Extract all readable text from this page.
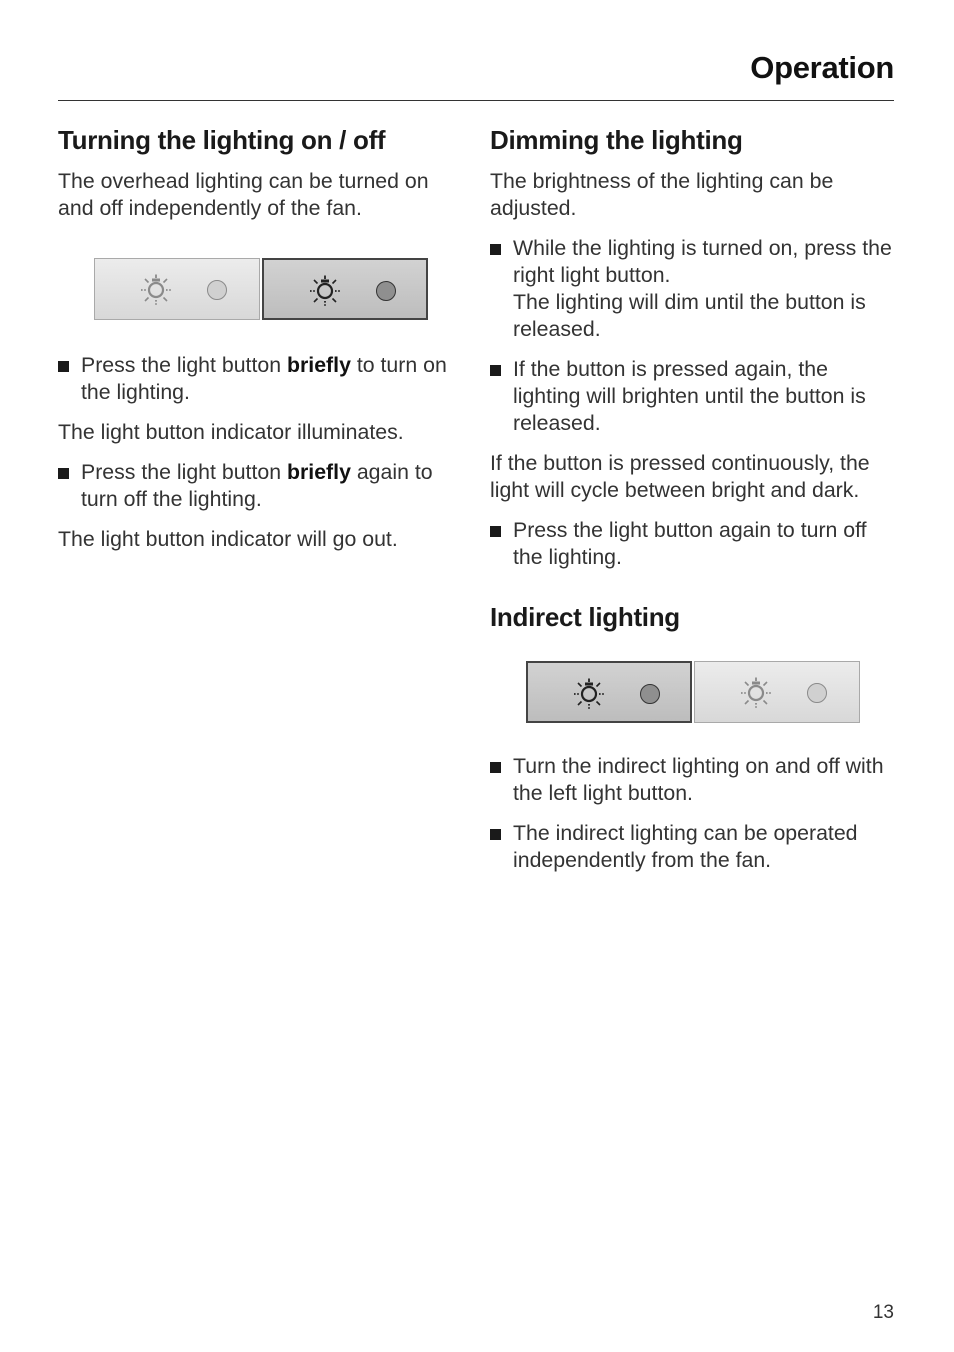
Operation
Turning the lighting on / off

The overhead lighting can be turned on and off independently of the fan.

Press the light button briefly to turn on the lighting.

The light button indicator illuminates.

Press the light button briefly again to turn off the lighting.

The light button indicator will go out.

Dimming the lighting

The brightness of the lighting can be adjusted.

While the lighting is turned on, press the right light button.
The lighting will dim until the button is released.
If the button is pressed again, the lighting will brighten until the button is released.

If the button is pressed continuously, the light will cycle between bright and dark.

Press the light button again to turn off the lighting.
Indirect lighting
Turn the indirect lighting on and off with the left light button.
The indirect lighting can be operated independently from the fan.
13
